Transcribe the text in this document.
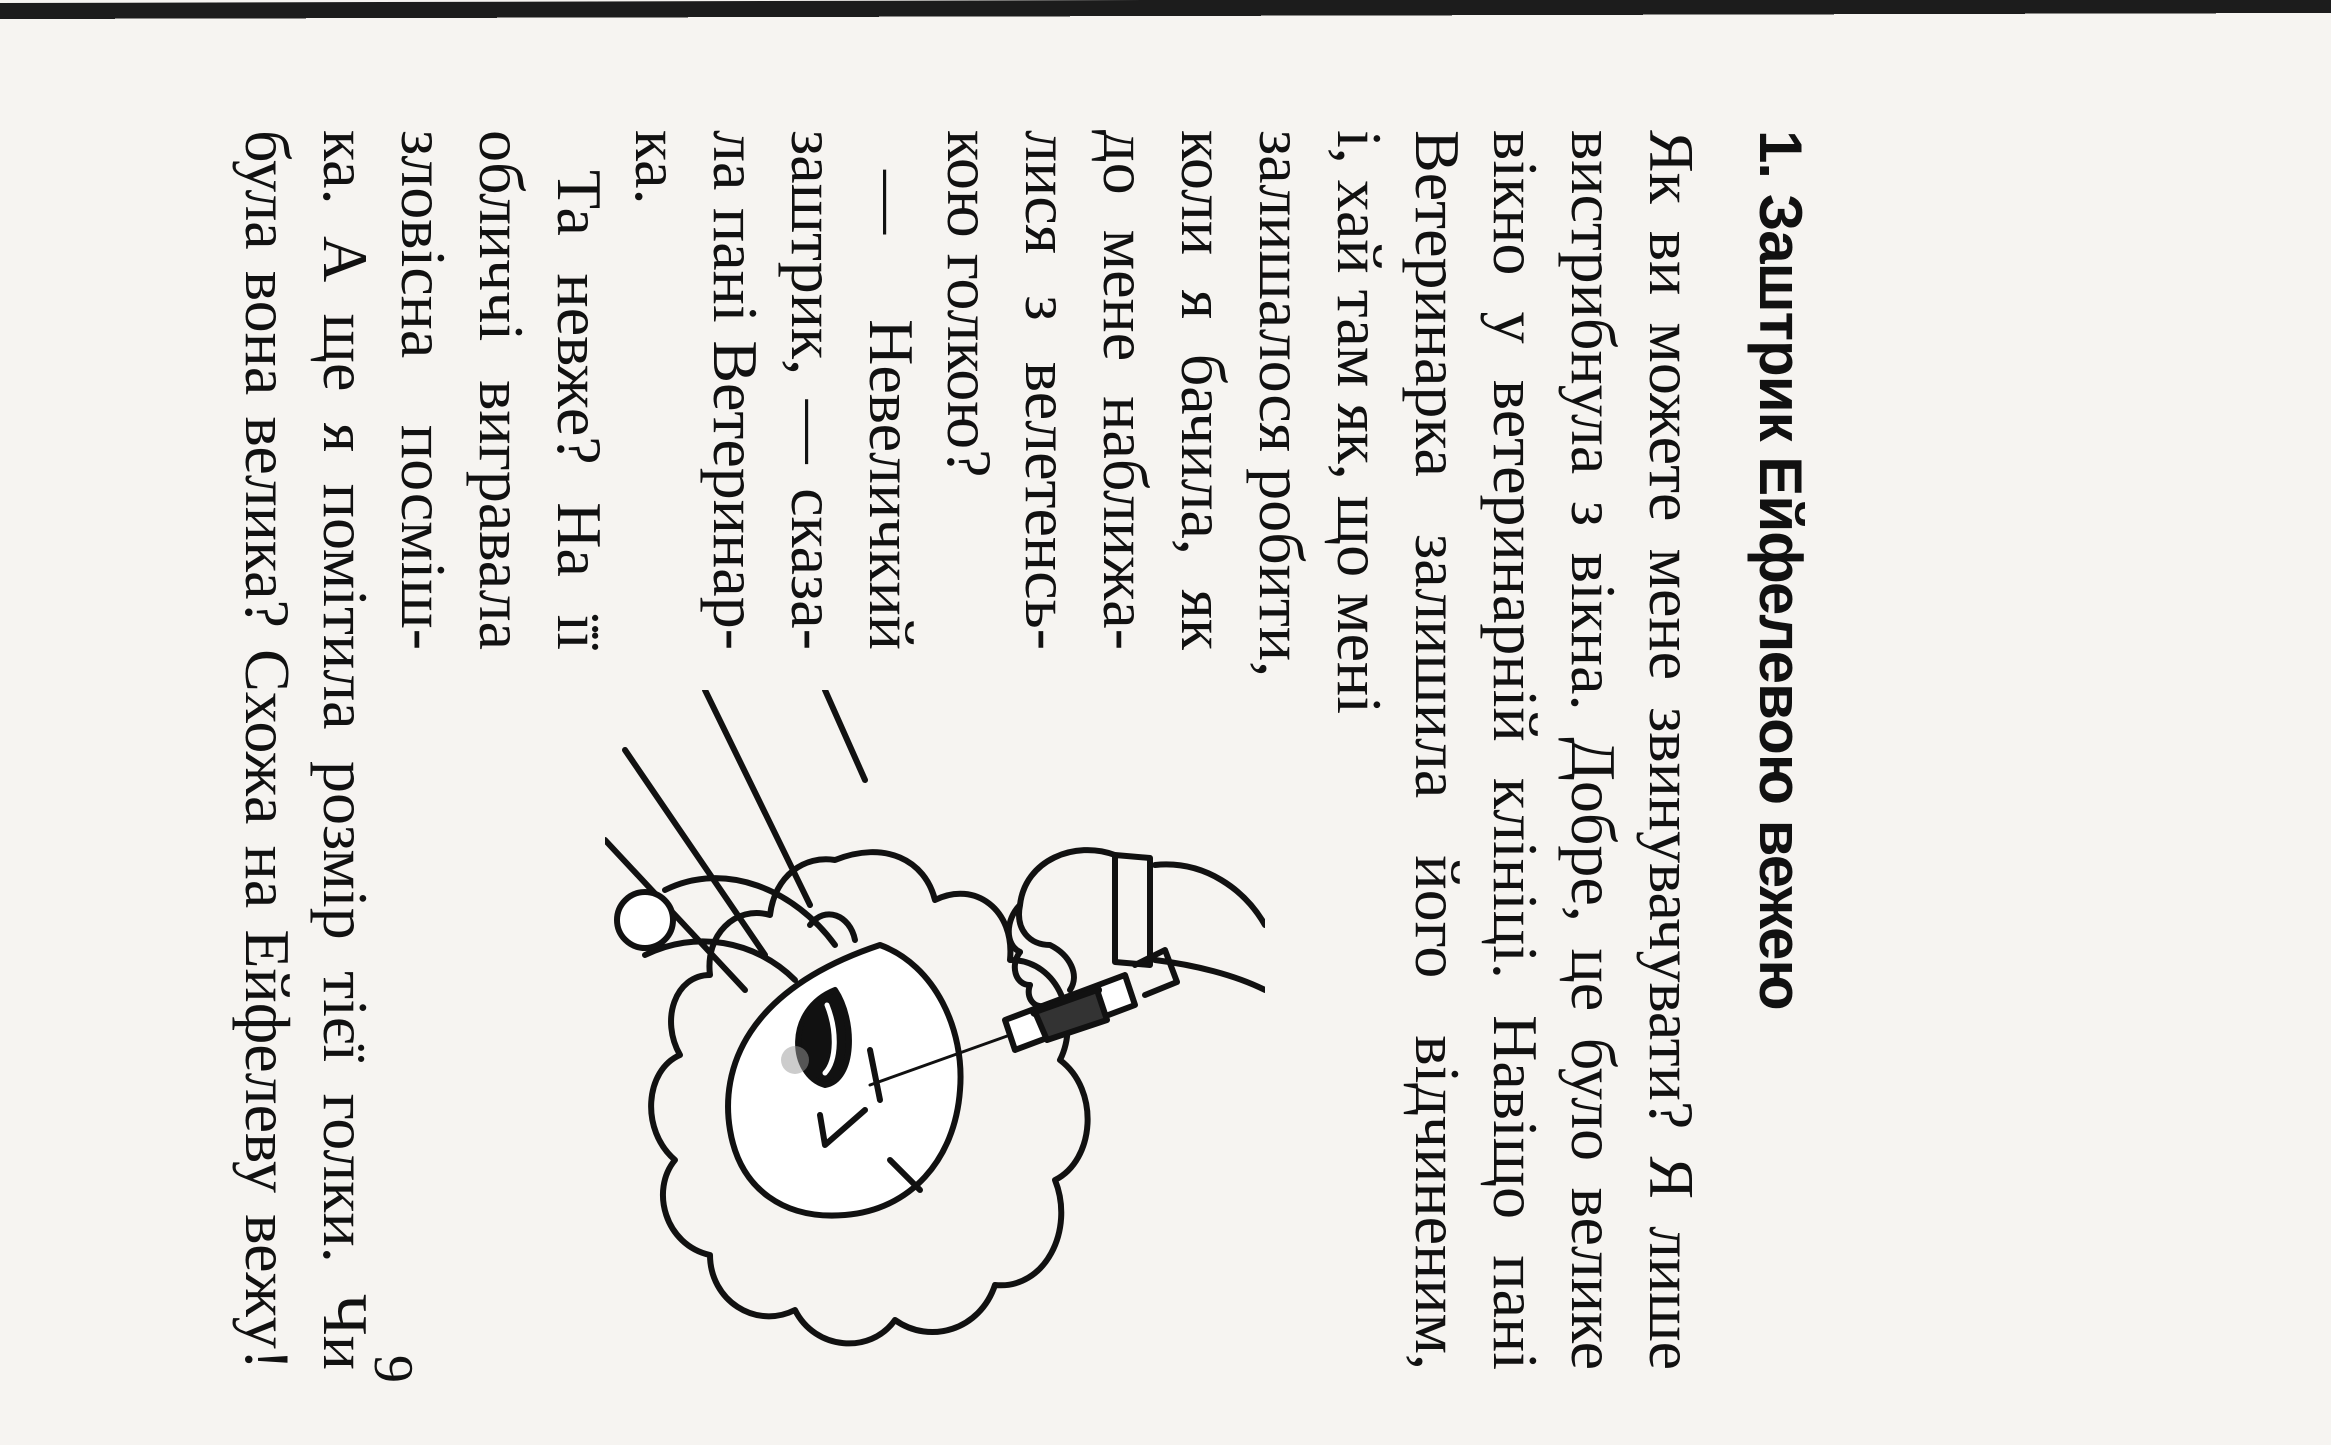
1. Заштрик Ейфелевою вежею
Як ви можете мене звинувачувати? Я лише
вистрибнула з вікна. Добре, це було велике
вікно у ветеринарній клініці. Навіщо пані
Ветеринарка залишила його відчиненим,
і, хай там як, що мені
залишалося робити,
коли я бачила, як
до мене наближа-
лися з велетенсь-
кою голкою?
— Невеличкий
заштрик, — сказа-
ла пані Ветеринар-
ка.
Та невже? На її
обличчі вигравала
зловісна посміш-
ка. А ще я помітила розмір тієї голки. Чи
була вона велика? Схожа на Ейфелеву вежу! 9
